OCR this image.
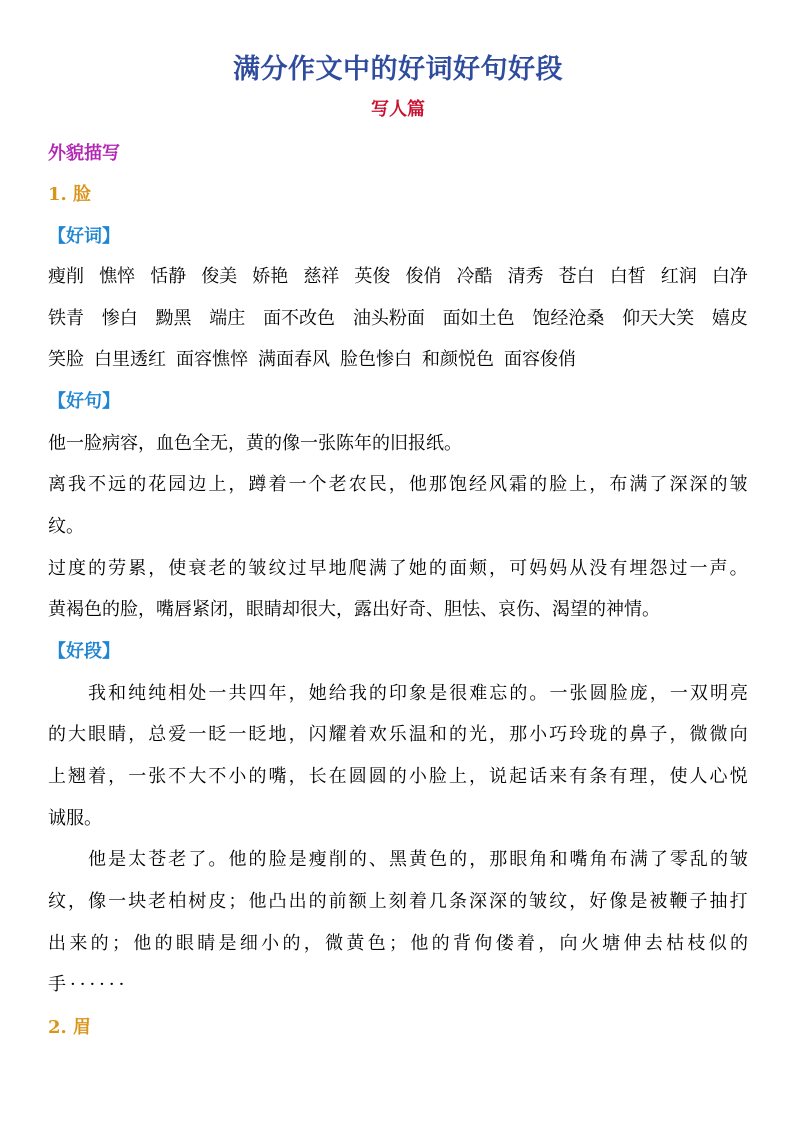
满分作文中的好词好句好段
写人篇
外貌描写
1. 脸
【好词】
瘦削 憔悴 恬静 俊美 娇艳 慈祥 英俊 俊俏 冷酷 清秀 苍白 白皙 红润 白净
铁青 惨白 黝黑 端庄 面不改色 油头粉面 面如土色 饱经沧桑 仰天大笑 嬉皮
笑脸 白里透红 面容憔悴 满面春风 脸色惨白 和颜悦色 面容俊俏
【好句】
他一脸病容，血色全无，黄的像一张陈年的旧报纸。
离 我 不 远 的 花 园 边 上 ， 蹲 着 一 个 老 农 民 ， 他 那 饱 经 风 霜 的 脸 上 ， 布 满 了 深 深 的 皱
纹。
过 度 的 劳 累 ， 使 衰 老 的 皱 纹 过 早 地 爬 满 了 她 的 面 颊 ， 可 妈 妈 从 没 有 埋 怨 过 一 声 。
黄褐色的脸，嘴唇紧闭，眼睛却很大，露出好奇、胆怯、哀伤、渴望的神情。
【好段】
我 和 纯 纯 相 处 一 共 四 年 ， 她 给 我 的 印 象 是 很 难 忘 的 。 一 张 圆 脸 庞 ， 一 双 明 亮
的 大 眼 睛 ， 总 爱 一 眨 一 眨 地 ， 闪 耀 着 欢 乐 温 和 的 光 ， 那 小 巧 玲 珑 的 鼻 子 ， 微 微 向
上 翘 着 ， 一 张 不 大 不 小 的 嘴 ， 长 在 圆 圆 的 小 脸 上 ， 说 起 话 来 有 条 有 理 ， 使 人 心 悦
诚服。
他 是 太 苍 老 了 。 他 的 脸 是 瘦 削 的 、 黑 黄 色 的 ， 那 眼 角 和 嘴 角 布 满 了 零 乱 的 皱
纹 ， 像 一 块 老 柏 树 皮 ； 他 凸 出 的 前 额 上 刻 着 几 条 深 深 的 皱 纹 ， 好 像 是 被 鞭 子 抽 打
出 来 的 ； 他 的 眼 睛 是 细 小 的 ， 微 黄 色 ； 他 的 背 佝 偻 着 ， 向 火 塘 伸 去 枯 枝 似 的
手······
2. 眉
